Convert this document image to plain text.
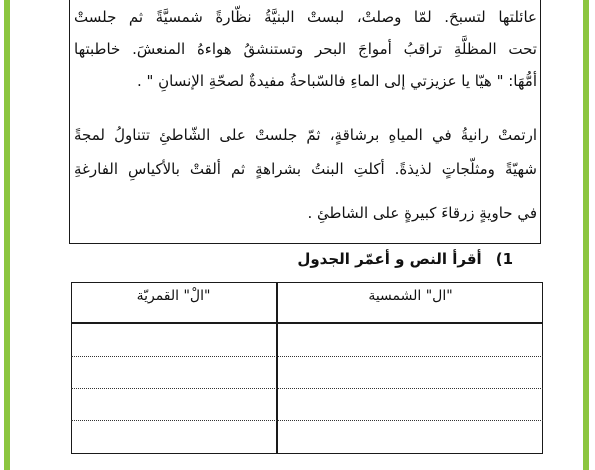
عائلتها لتسبحَ. لمّا وصلتْ، لبستْ البنيَّةُ نظّارةً شمسيَّةً ثم جلستْ
تحت المظلَّةِ تراقبُ أمواجَ البحر وتستنشقُ هواءهُ المنعشَ. خاطبتها
أمُّهَا: " هيّا يا عزيزتي إلى الماءِ فالسّباحةُ مفيدةٌ لصحّةِ الإنسانِ " .
ارتمتْ رانيةُ في المياهِ برشاقةٍ، ثمّ جلستْ على الشّاطئِ تتناولُ لمجةً
شهيّةً ومثلّجاتٍ لذيذةً. أكلتِ البنتُ بشراهةٍ ثم ألقتْ بالأكياسِ الفارغةِ
في حاويةٍ زرقاءَ كبيرةٍ على الشاطئِ .
1)أقرأ النص و أعمّر الجدول
"ال" الشمسية
"الْ" القمريّة
